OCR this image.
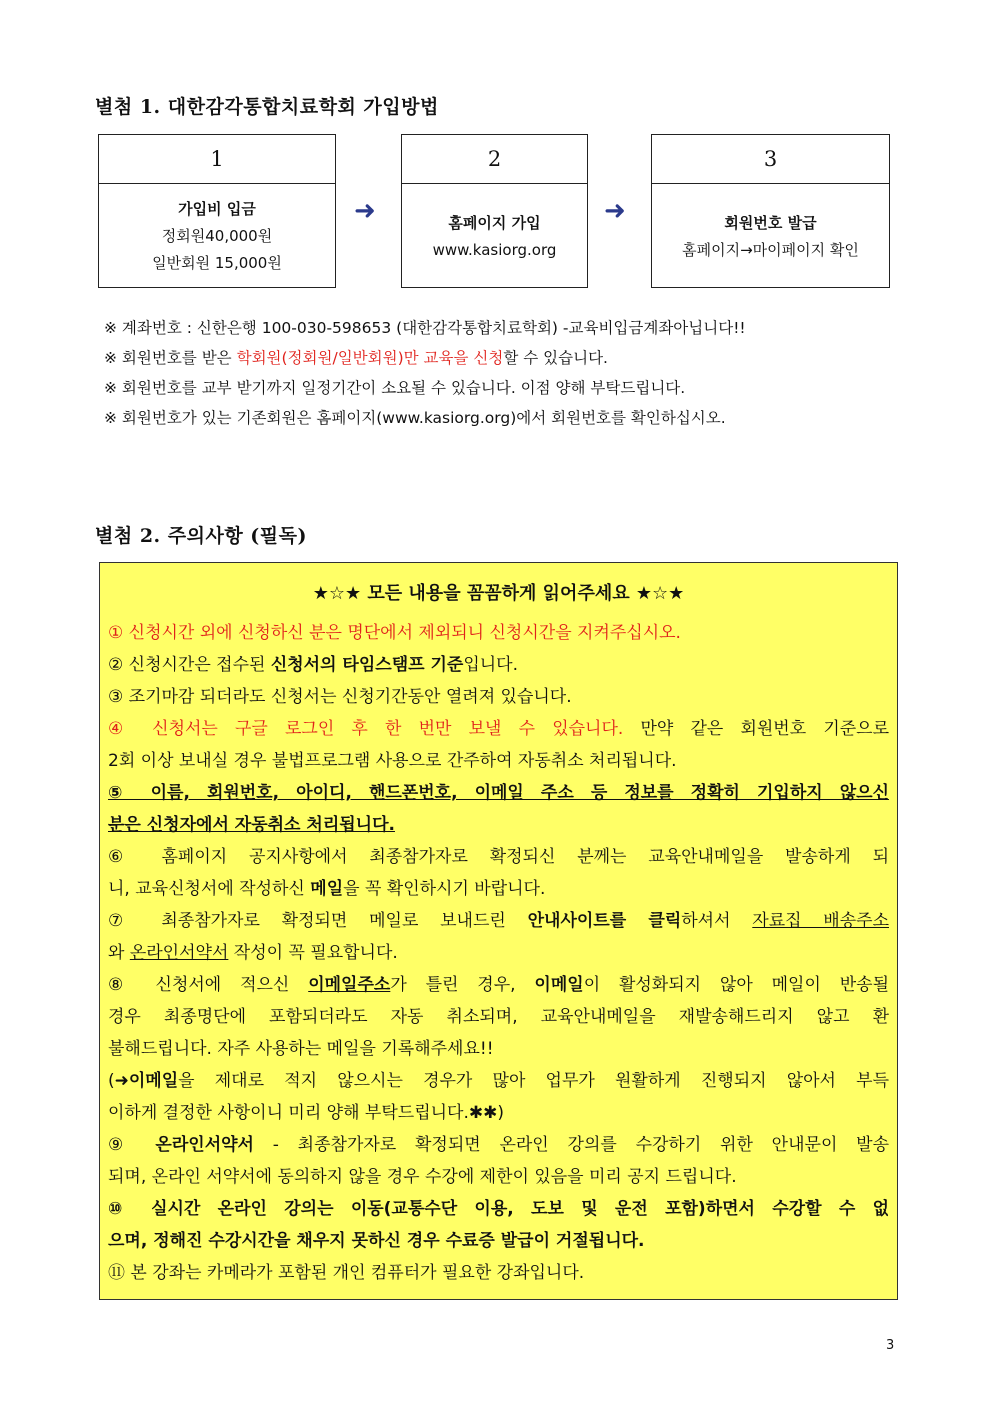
별첨 1. 대한감각통합치료학회 가입방법
1
가입비 입금
정회원40,000원
일반회원 15,000원
➜
2
홈페이지 가입
www.kasiorg.org
➜
3
회원번호 발급
홈페이지→마이페이지 확인
※ 계좌번호 : 신한은행 100-030-598653 (대한감각통합치료학회) -교육비입금계좌아닙니다!!
※ 회원번호를 받은 학회원(정회원/일반회원)만 교육을 신청할 수 있습니다.
※ 회원번호를 교부 받기까지 일정기간이 소요될 수 있습니다. 이점 양해 부탁드립니다.
※ 회원번호가 있는 기존회원은 홈페이지(www.kasiorg.org)에서 회원번호를 확인하십시오.
별첨 2. 주의사항 (필독)
★☆★ 모든 내용을 꼼꼼하게 읽어주세요 ★☆★

① 신청시간 외에 신청하신 분은 명단에서 제외되니 신청시간을 지켜주십시오.

② 신청시간은 접수된 신청서의 타임스탬프 기준입니다.

③ 조기마감 되더라도 신청서는 신청기간동안 열려져 있습니다.

④ 신청서는 구글 로그인 후 한 번만 보낼 수 있습니다. 만약 같은 회원번호 기준으로

2회 이상 보내실 경우 불법프로그램 사용으로 간주하여 자동취소 처리됩니다.

⑤ 이름, 회원번호, 아이디, 핸드폰번호, 이메일 주소 등 정보를 정확히 기입하지 않으신

분은 신청자에서 자동취소 처리됩니다.

⑥ 홈페이지 공지사항에서 최종참가자로 확정되신 분께는 교육안내메일을 발송하게 되

니, 교육신청서에 작성하신 메일을 꼭 확인하시기 바랍니다.

⑦ 최종참가자로 확정되면 메일로 보내드린 안내사이트를 클릭하셔서 자료집 배송주소

와 온라인서약서 작성이 꼭 필요합니다.

⑧ 신청서에 적으신 이메일주소가 틀린 경우, 이메일이 활성화되지 않아 메일이 반송될

경우 최종명단에 포함되더라도 자동 취소되며, 교육안내메일을 재발송해드리지 않고 환

불해드립니다. 자주 사용하는 메일을 기록해주세요!!

(➜이메일을 제대로 적지 않으시는 경우가 많아 업무가 원활하게 진행되지 않아서 부득

이하게 결정한 사항이니 미리 양해 부탁드립니다.✱✱)

⑨ 온라인서약서 - 최종참가자로 확정되면 온라인 강의를 수강하기 위한 안내문이 발송

되며, 온라인 서약서에 동의하지 않을 경우 수강에 제한이 있음을 미리 공지 드립니다.

⑩ 실시간 온라인 강의는 이동(교통수단 이용, 도보 및 운전 포함)하면서 수강할 수 없

으며, 정해진 수강시간을 채우지 못하신 경우 수료증 발급이 거절됩니다.

⑪ 본 강좌는 카메라가 포함된 개인 컴퓨터가 필요한 강좌입니다.

3
